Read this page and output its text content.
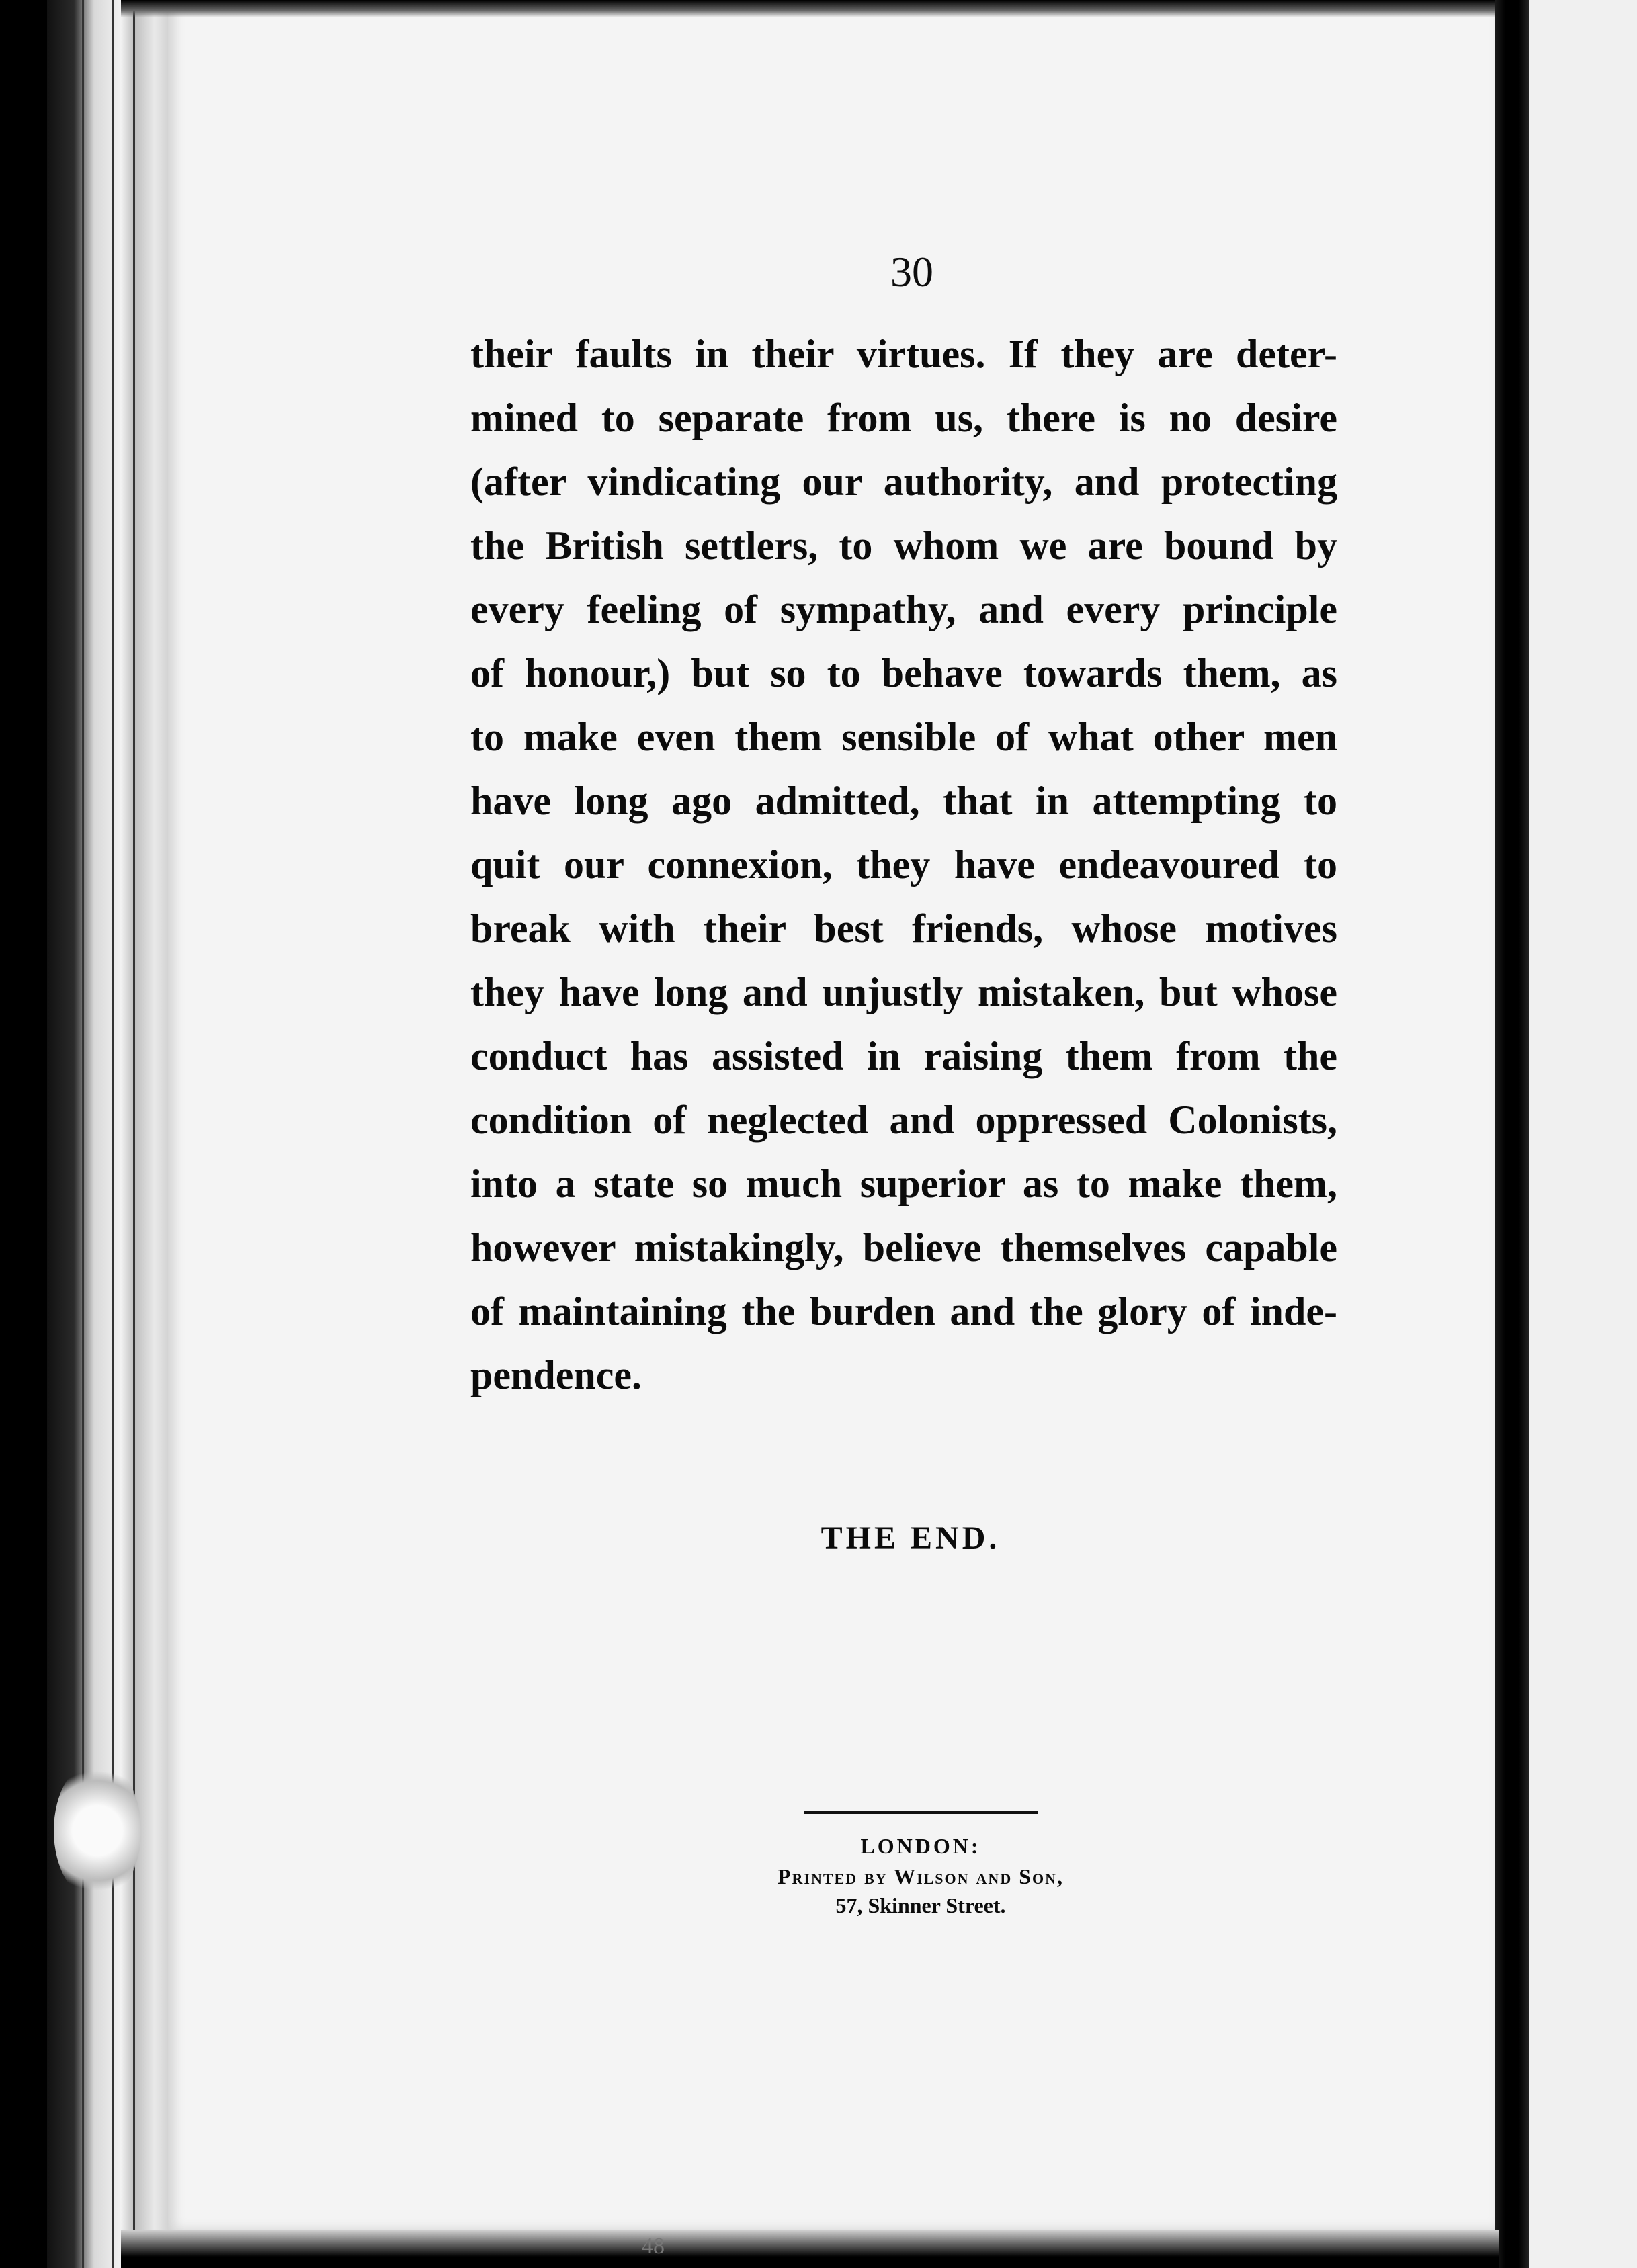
30
their faults in their virtues. If they are deter-
mined to separate from us, there is no desire
(after vindicating our authority, and protecting
the British settlers, to whom we are bound by
every feeling of sympathy, and every principle
of honour,) but so to behave towards them, as
to make even them sensible of what other men
have long ago admitted, that in attempting to
quit our connexion, they have endeavoured to
break with their best friends, whose motives
they have long and unjustly mistaken, but whose
conduct has assisted in raising them from the
condition of neglected and oppressed Colonists,
into a state so much superior as to make them,
however mistakingly, believe themselves capable
of maintaining the burden and the glory of inde-
pendence.
THE END.
LONDON:
Printed by Wilson and Son,
57, Skinner Street.
48
